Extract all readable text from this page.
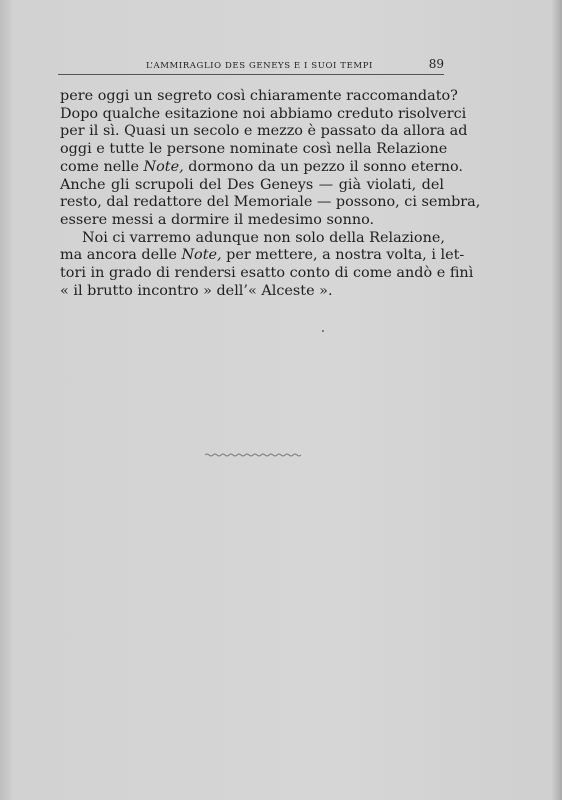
L’AMMIRAGLIO DES GENEYS E I SUOI TEMPI	89
pere oggi un segreto così chiaramente raccomandato?
Dopo qualche esitazione noi abbiamo creduto risolverci
per il sì. Quasi un secolo e mezzo è passato da allora ad
oggi e tutte le persone nominate così nella Relazione
come nelle Note, dormono da un pezzo il sonno eterno.
Anche gli scrupoli del Des Geneys — già violati, del
resto, dal redattore del Memoriale — possono, ci sembra,
essere messi a dormire il medesimo sonno.
Noi ci varremo adunque non solo della Relazione,
ma ancora delle Note, per mettere, a nostra volta, i let-
tori in grado di rendersi esatto conto di come andò e finì
« il brutto incontro » dell’« Alceste ».
